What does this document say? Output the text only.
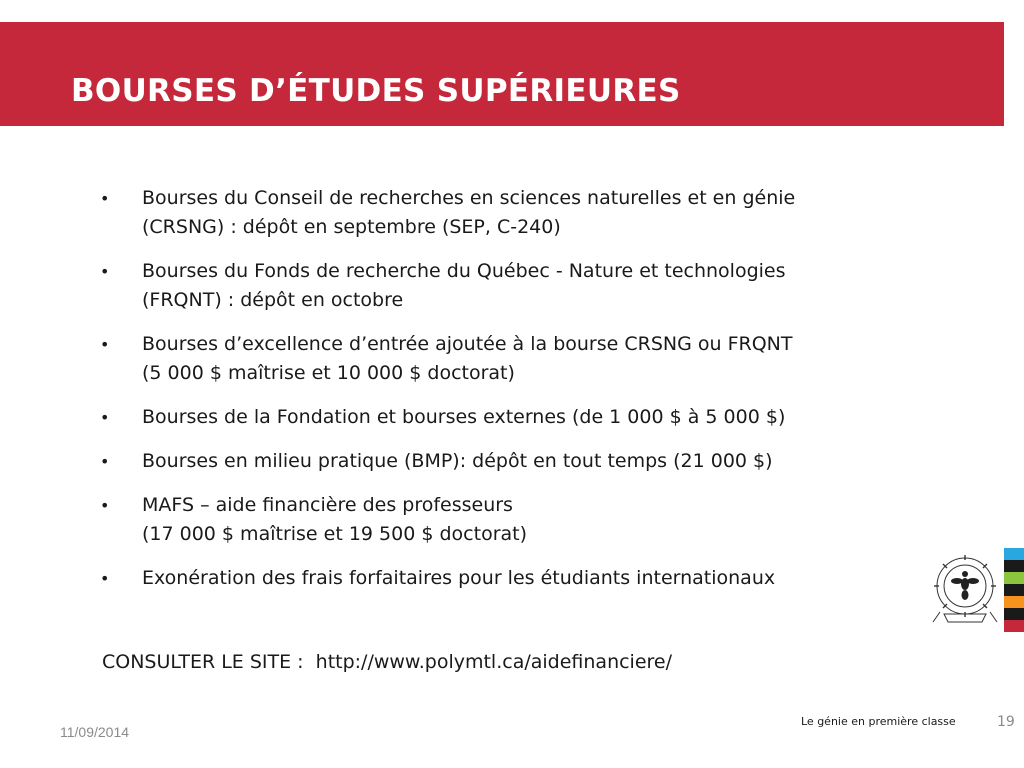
BOURSES D’ÉTUDES SUPÉRIEURES
• Bourses du Conseil de recherches en sciences naturelles et en génie
(CRSNG) : dépôt en septembre (SEP, C-240)
• Bourses du Fonds de recherche du Québec - Nature et technologies
(FRQNT) : dépôt en octobre
• Bourses d’excellence d’entrée ajoutée à la bourse CRSNG ou FRQNT
(5 000 $ maîtrise et 10 000 $ doctorat)
• Bourses de la Fondation et bourses externes (de 1 000 $ à 5 000 $)
• Bourses en milieu pratique (BMP): dépôt en tout temps (21 000 $)
• MAFS – aide financière des professeurs
(17 000 $ maîtrise et 19 500 $ doctorat)
• Exonération des frais forfaitaires pour les étudiants internationaux
CONSULTER LE SITE :  http://www.polymtl.ca/aidefinanciere/
11/09/2014
Le génie en première classe	19
